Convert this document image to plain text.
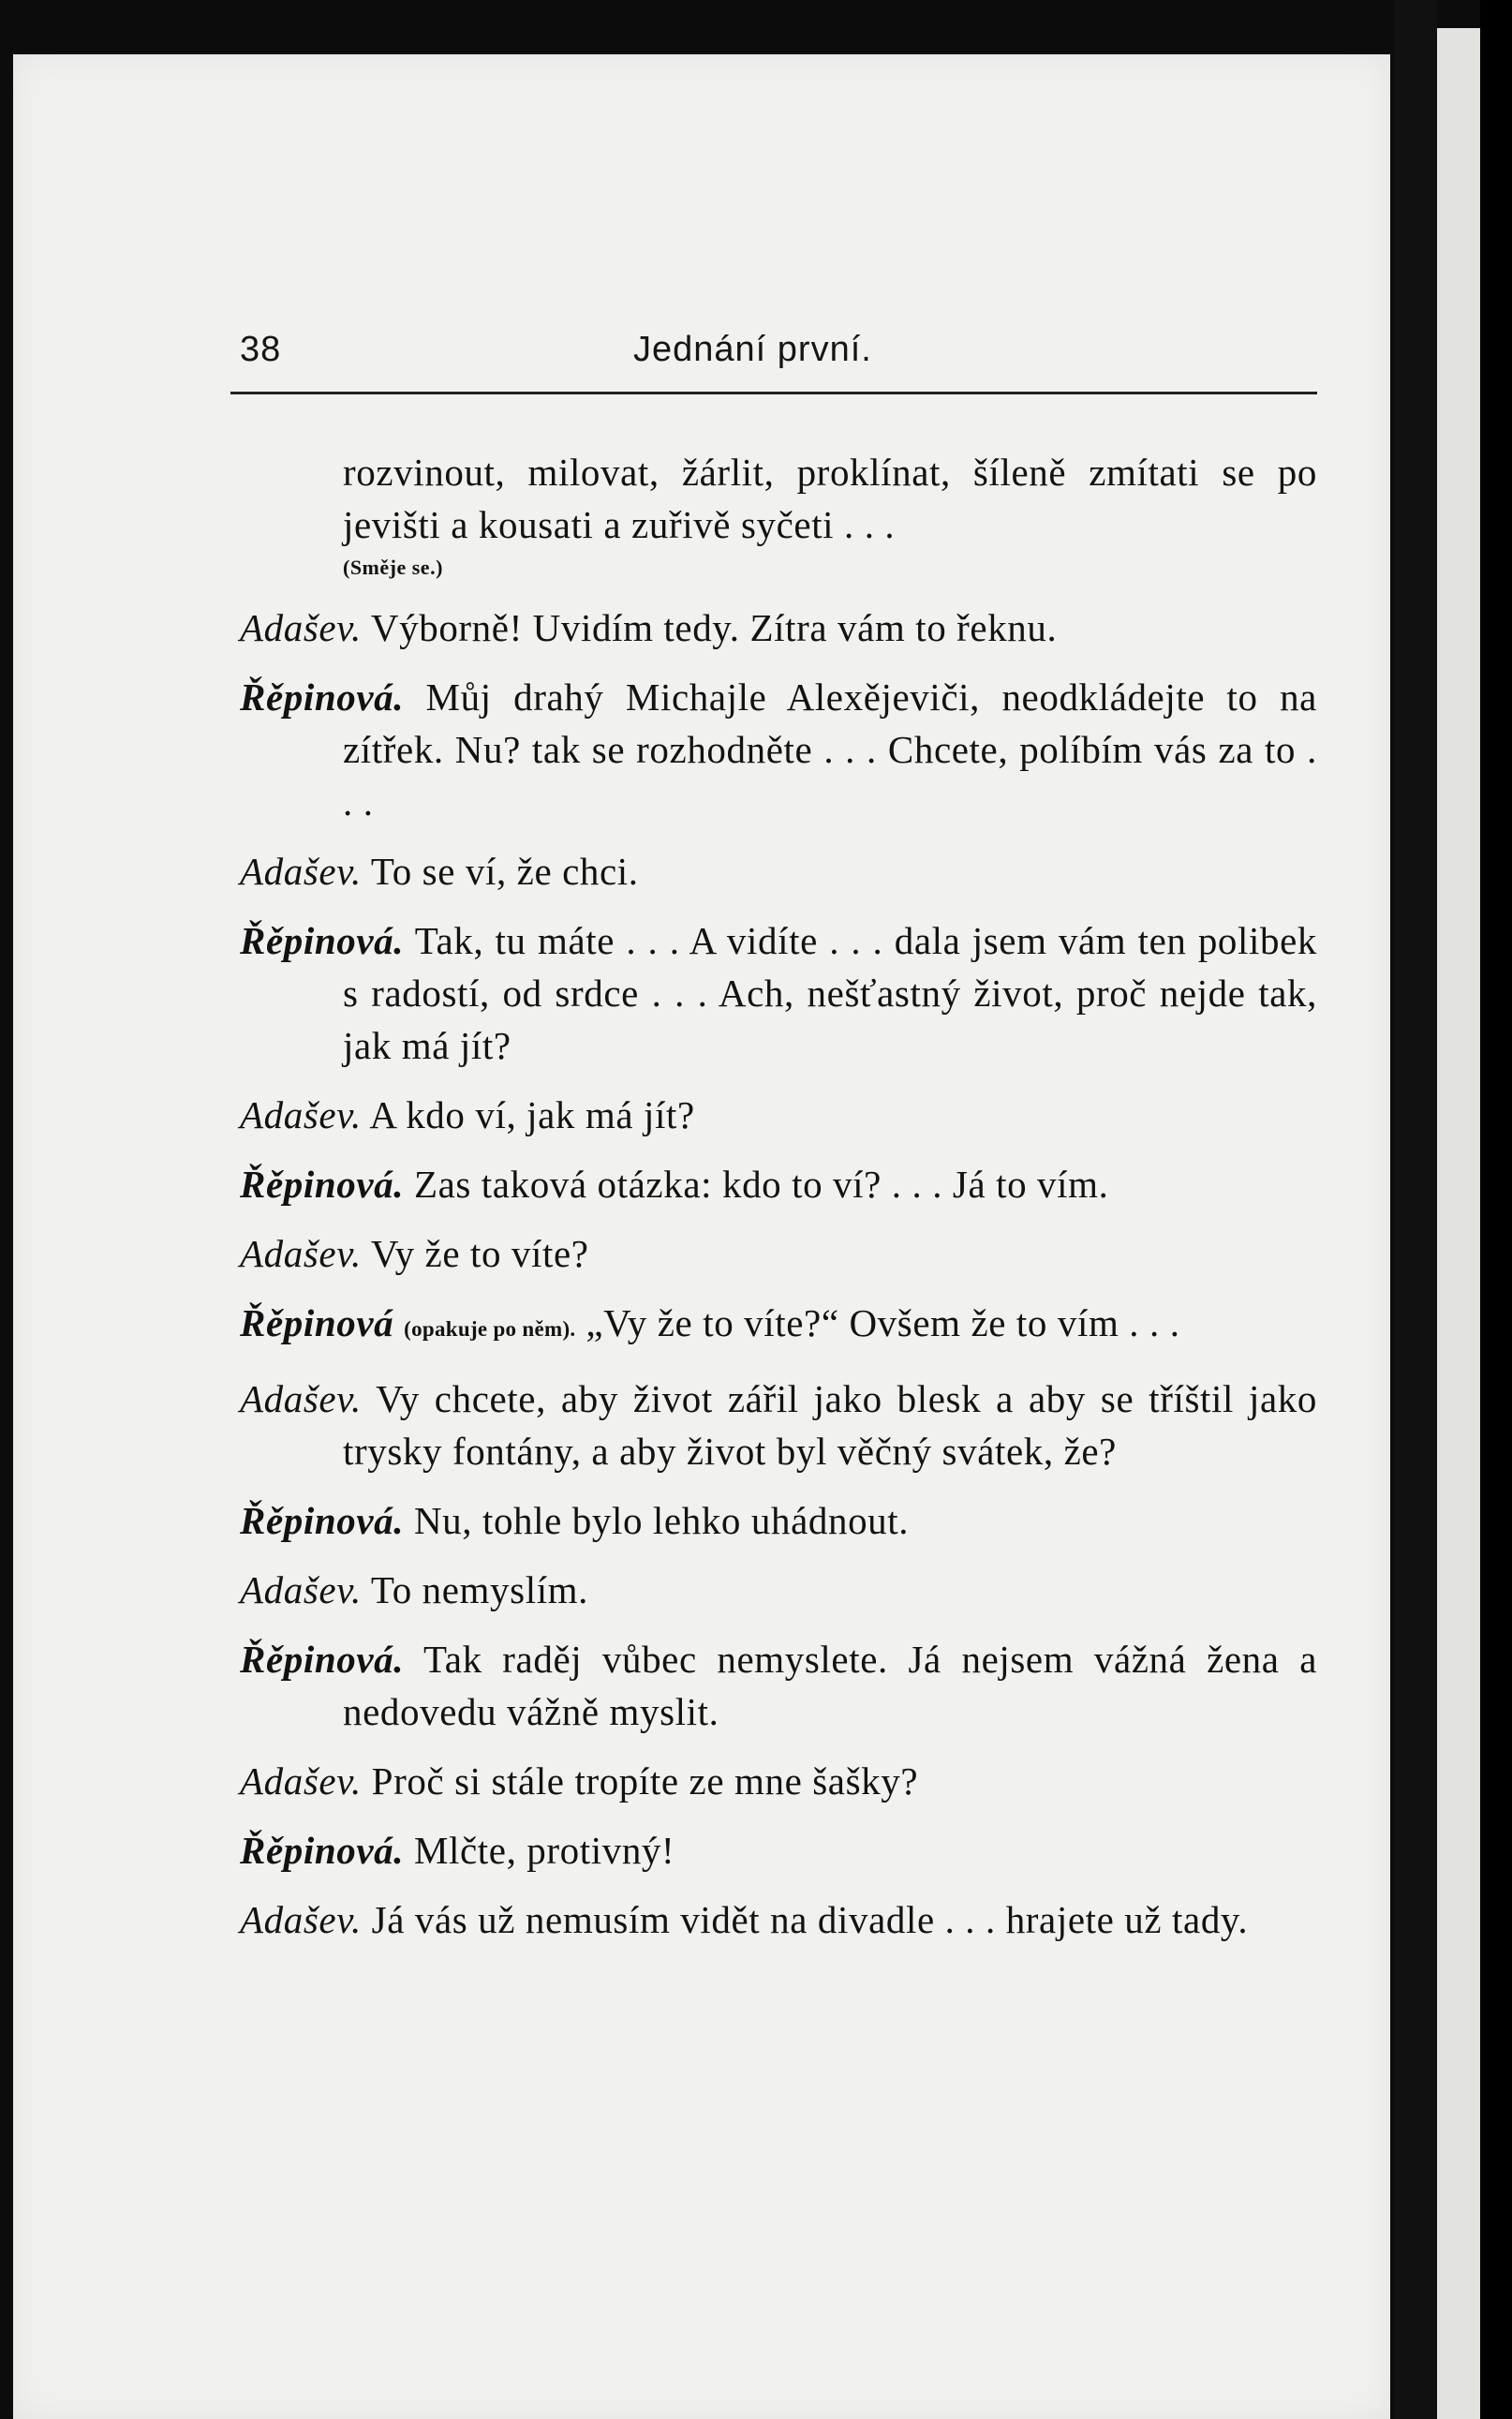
38	Jednání první.

rozvinout, milovat, žárlit, proklínat, šíleně zmítati se po jevišti a kousati a zuřivě syčeti . . .
(Směje se.)

Adašev. Výborně! Uvidím tedy. Zítra vám to řeknu.

Řěpinová. Můj drahý Michajle Alexějeviči, neodkládejte to na zítřek. Nu? tak se rozhodněte . . . Chcete, políbím vás za to . . .

Adašev. To se ví, že chci.

Řěpinová. Tak, tu máte . . . A vidíte . . . dala jsem vám ten polibek s radostí, od srdce . . . Ach, nešťastný život, proč nejde tak, jak má jít?

Adašev. A kdo ví, jak má jít?

Řěpinová. Zas taková otázka: kdo to ví? . . . Já to vím.

Adašev. Vy že to víte?

Řěpinová (opakuje po něm). „Vy že to víte?“ Ovšem že to vím . . .

Adašev. Vy chcete, aby život zářil jako blesk a aby se tříštil jako trysky fontány, a aby život byl věčný svátek, že?

Řěpinová. Nu, tohle bylo lehko uhádnout.

Adašev. To nemyslím.

Řěpinová. Tak raděj vůbec nemyslete. Já nejsem vážná žena a nedovedu vážně myslit.

Adašev. Proč si stále tropíte ze mne šašky?

Řěpinová. Mlčte, protivný!

Adašev. Já vás už nemusím vidět na divadle . . . hrajete už tady.
